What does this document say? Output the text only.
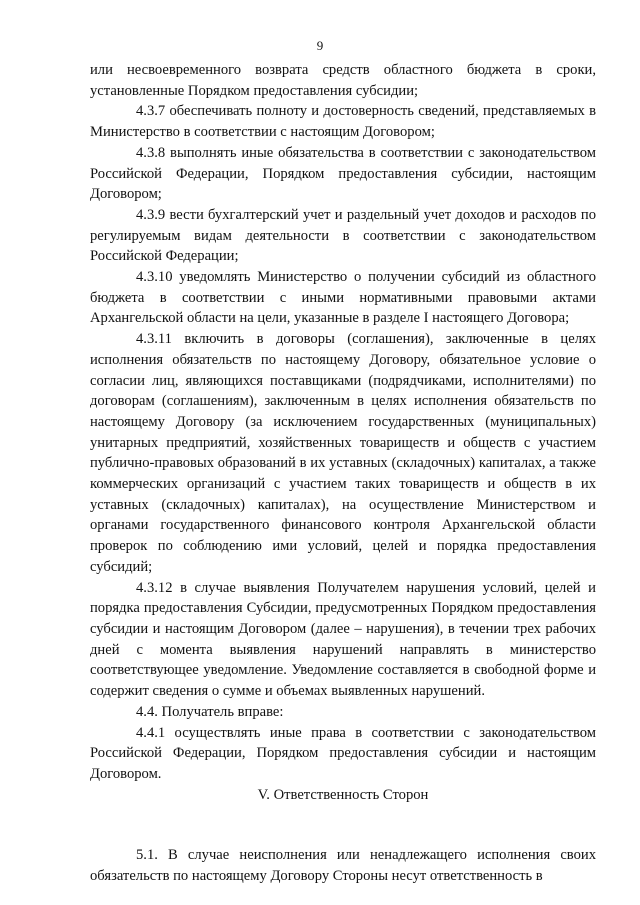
9

или несвоевременного возврата средств областного бюджета в сроки, установленные Порядком предоставления субсидии;

4.3.7 обеспечивать полноту и достоверность сведений, представляемых в Министерство в соответствии с настоящим Договором;

4.3.8 выполнять иные обязательства в соответствии с законодательством Российской Федерации, Порядком предоставления субсидии, настоящим Договором;

4.3.9 вести бухгалтерский учет и раздельный учет доходов и расходов по регулируемым видам деятельности в соответствии с законодательством Российской Федерации;

4.3.10 уведомлять Министерство о получении субсидий из областного бюджета в соответствии с иными нормативными правовыми актами Архангельской области на цели, указанные в разделе I настоящего Договора;

4.3.11 включить в договоры (соглашения), заключенные в целях исполнения обязательств по настоящему Договору, обязательное условие о согласии лиц, являющихся поставщиками (подрядчиками, исполнителями) по договорам (соглашениям), заключенным в целях исполнения обязательств по настоящему Договору (за исключением государственных (муниципальных) унитарных предприятий, хозяйственных товариществ и обществ с участием публично-правовых образований в их уставных (складочных) капиталах, а также коммерческих организаций с участием таких товариществ и обществ в их уставных (складочных) капиталах), на осуществление Министерством и органами государственного финансового контроля Архангельской области проверок по соблюдению ими условий, целей и порядка предоставления субсидий;

4.3.12 в случае выявления Получателем нарушения условий, целей и порядка предоставления Субсидии, предусмотренных Порядком предоставления субсидии и настоящим Договором (далее – нарушения), в течении трех рабочих дней с момента выявления нарушений направлять в министерство соответствующее уведомление. Уведомление составляется в свободной форме и содержит сведения о сумме и объемах выявленных нарушений.

4.4. Получатель вправе:

4.4.1 осуществлять иные права в соответствии с законодательством Российской Федерации, Порядком предоставления субсидии и настоящим Договором.

V. Ответственность Сторон

5.1. В случае неисполнения или ненадлежащего исполнения своих обязательств по настоящему Договору Стороны несут ответственность в
